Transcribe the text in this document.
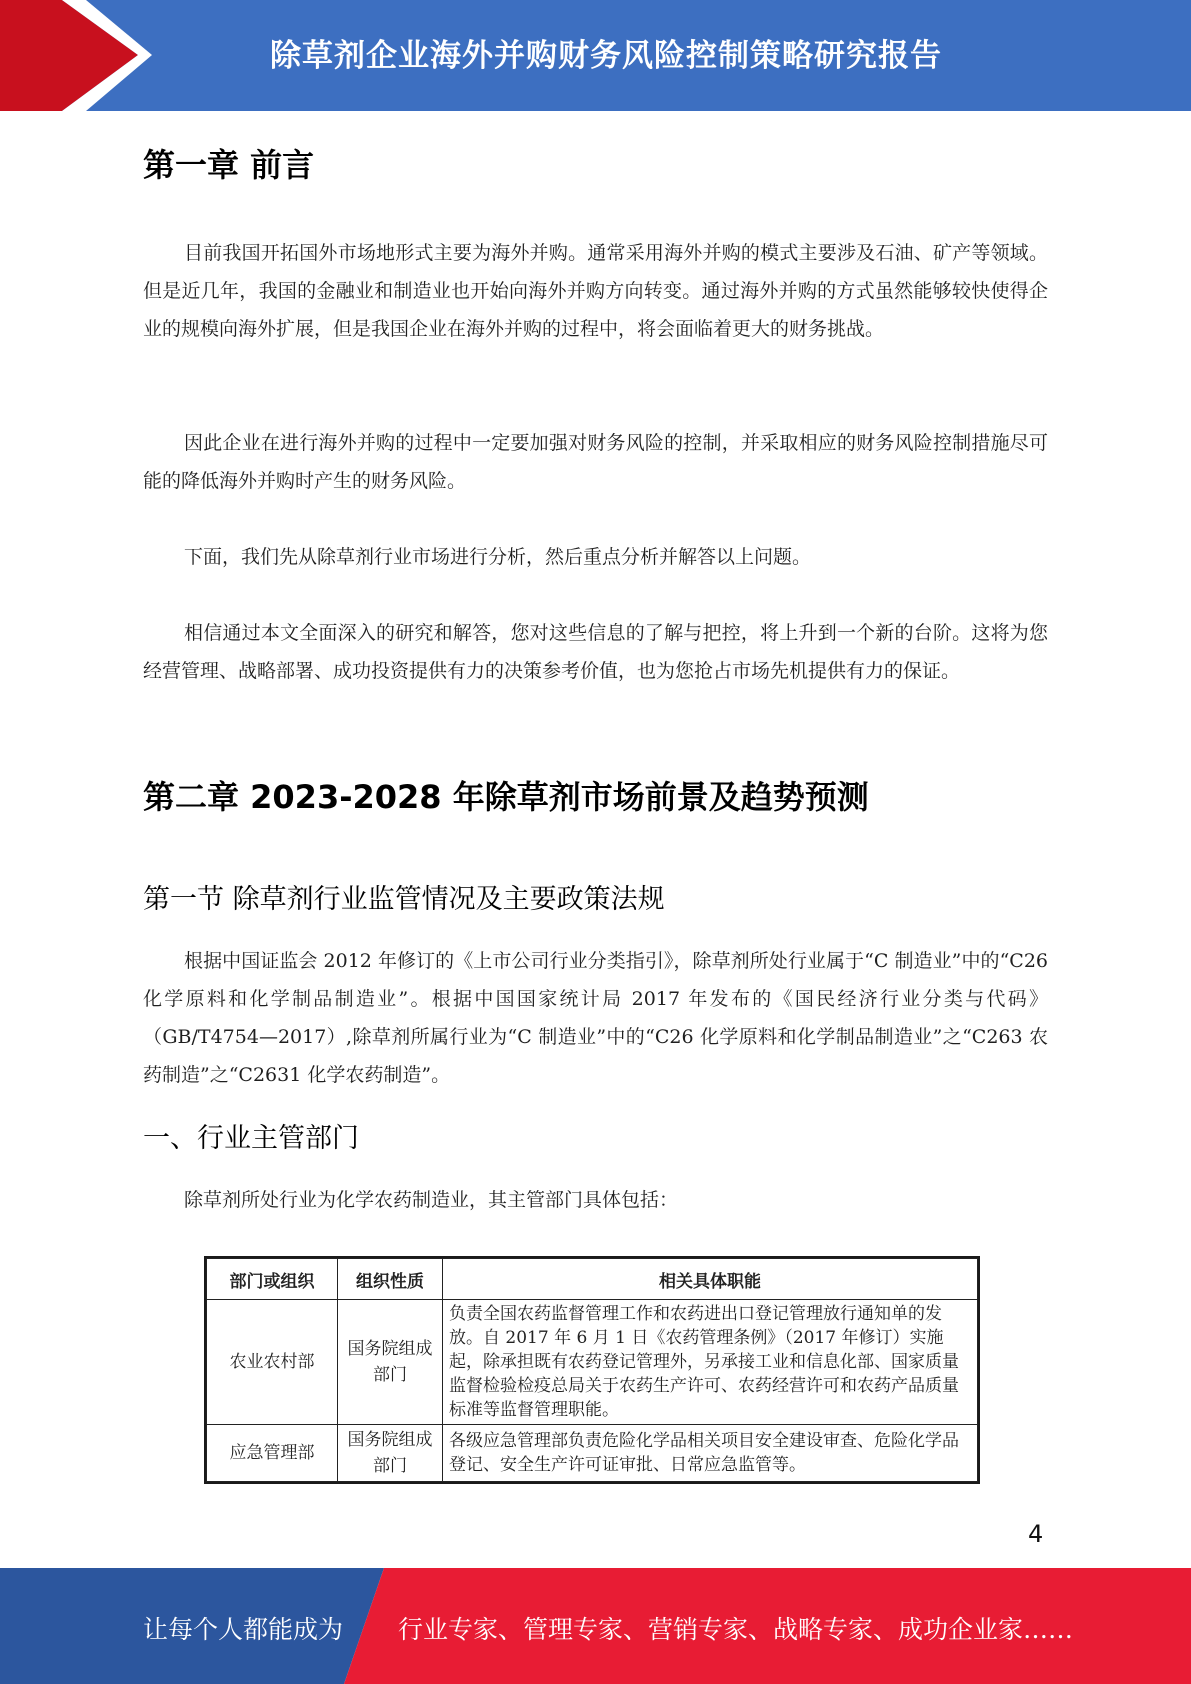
除草剂企业海外并购财务风险控制策略研究报告
第一章 前言

目前我国开拓国外市场地形式主要为海外并购。通常采用海外并购的模式主要涉及石油、矿产等领域。但是近几年，我国的金融业和制造业也开始向海外并购方向转变。通过海外并购的方式虽然能够较快使得企业的规模向海外扩展，但是我国企业在海外并购的过程中，将会面临着更大的财务挑战。

因此企业在进行海外并购的过程中一定要加强对财务风险的控制，并采取相应的财务风险控制措施尽可能的降低海外并购时产生的财务风险。

下面，我们先从除草剂行业市场进行分析，然后重点分析并解答以上问题。

相信通过本文全面深入的研究和解答，您对这些信息的了解与把控，将上升到一个新的台阶。这将为您经营管理、战略部署、成功投资提供有力的决策参考价值，也为您抢占市场先机提供有力的保证。

第二章 2023-2028 年除草剂市场前景及趋势预测
第一节 除草剂行业监管情况及主要政策法规

根据中国证监会 2012 年修订的《上市公司行业分类指引》，除草剂所处行业属于“C 制造业”中的“C26 化学原料和化学制品制造业”。根据中国国家统计局 2017 年发布的《国民经济行业分类与代码》（GB/T4754—2017）,除草剂所属行业为“C 制造业”中的“C26 化学原料和化学制品制造业”之“C263 农药制造”之“C2631 化学农药制造”。

一、行业主管部门

除草剂所处行业为化学农药制造业，其主管部门具体包括：

部门或组织	组织性质	相关具体职能
农业农村部	国务院组成部门	负责全国农药监督管理工作和农药进出口登记管理放行通知单的发放。自 2017 年 6 月 1 日《农药管理条例》（2017 年修订）实施起，除承担既有农药登记管理外，另承接工业和信息化部、国家质量监督检验检疫总局关于农药生产许可、农药经营许可和农药产品质量标准等监督管理职能。
应急管理部	国务院组成部门	各级应急管理部负责危险化学品相关项目安全建设审查、危险化学品登记、安全生产许可证审批、日常应急监管等。
4
让每个人都能成为 行业专家、管理专家、营销专家、战略专家、成功企业家……
